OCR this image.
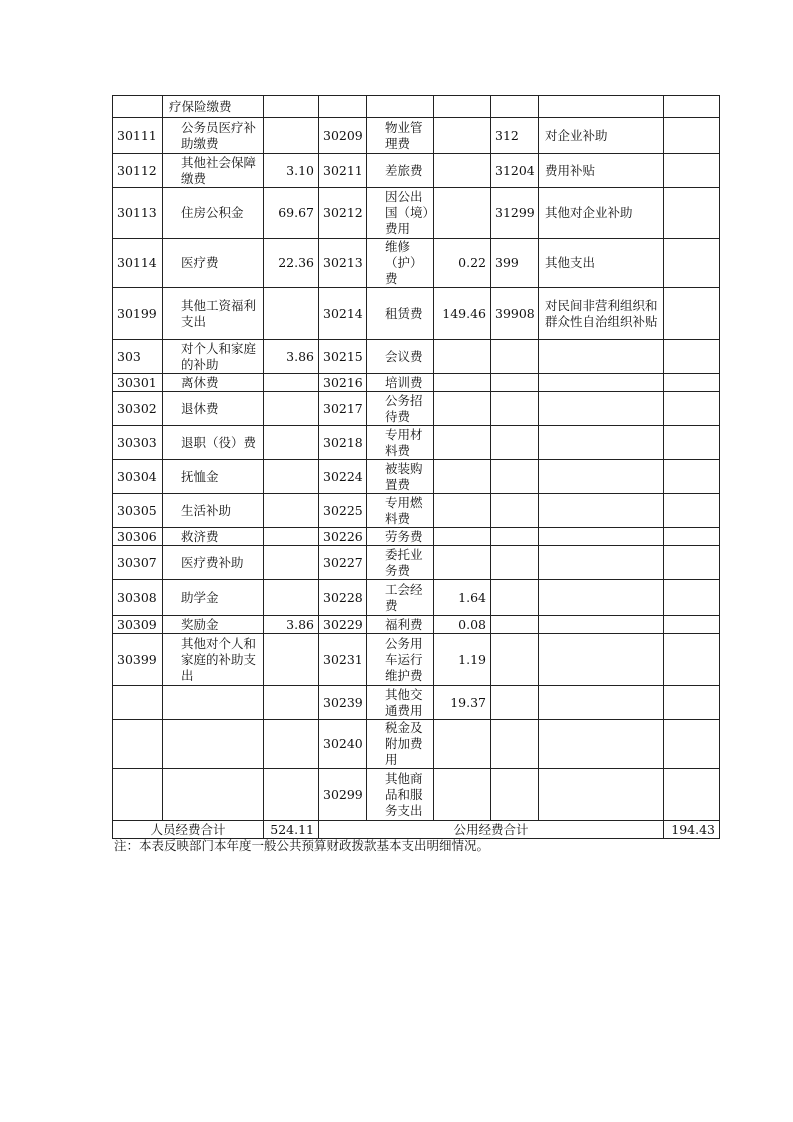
	疗保险缴费							
30111	公务员医疗补助缴费		30209	物业管理费		312	对企业补助	
30112	其他社会保障缴费	3.10	30211	差旅费		31204	费用补贴	
30113	住房公积金	69.67	30212	因公出国（境）费用		31299	其他对企业补助	
30114	医疗费	22.36	30213	维修（护）费	0.22	399	其他支出	
30199	其他工资福利支出		30214	租赁费	149.46	39908	对民间非营利组织和群众性自治组织补贴	
303	对个人和家庭的补助	3.86	30215	会议费				
30301	离休费		30216	培训费				
30302	退休费		30217	公务招待费				
30303	退职（役）费		30218	专用材料费				
30304	抚恤金		30224	被装购置费				
30305	生活补助		30225	专用燃料费				
30306	救济费		30226	劳务费				
30307	医疗费补助		30227	委托业务费				
30308	助学金		30228	工会经费	1.64			
30309	奖励金	3.86	30229	福利费	0.08			
30399	其他对个人和家庭的补助支出		30231	公务用车运行维护费	1.19			
			30239	其他交通费用	19.37			
			30240	税金及附加费用				
			30299	其他商品和服务支出				
人员经费合计		524.11	公用经费合计					194.43
注：本表反映部门本年度一般公共预算财政拨款基本支出明细情况。
